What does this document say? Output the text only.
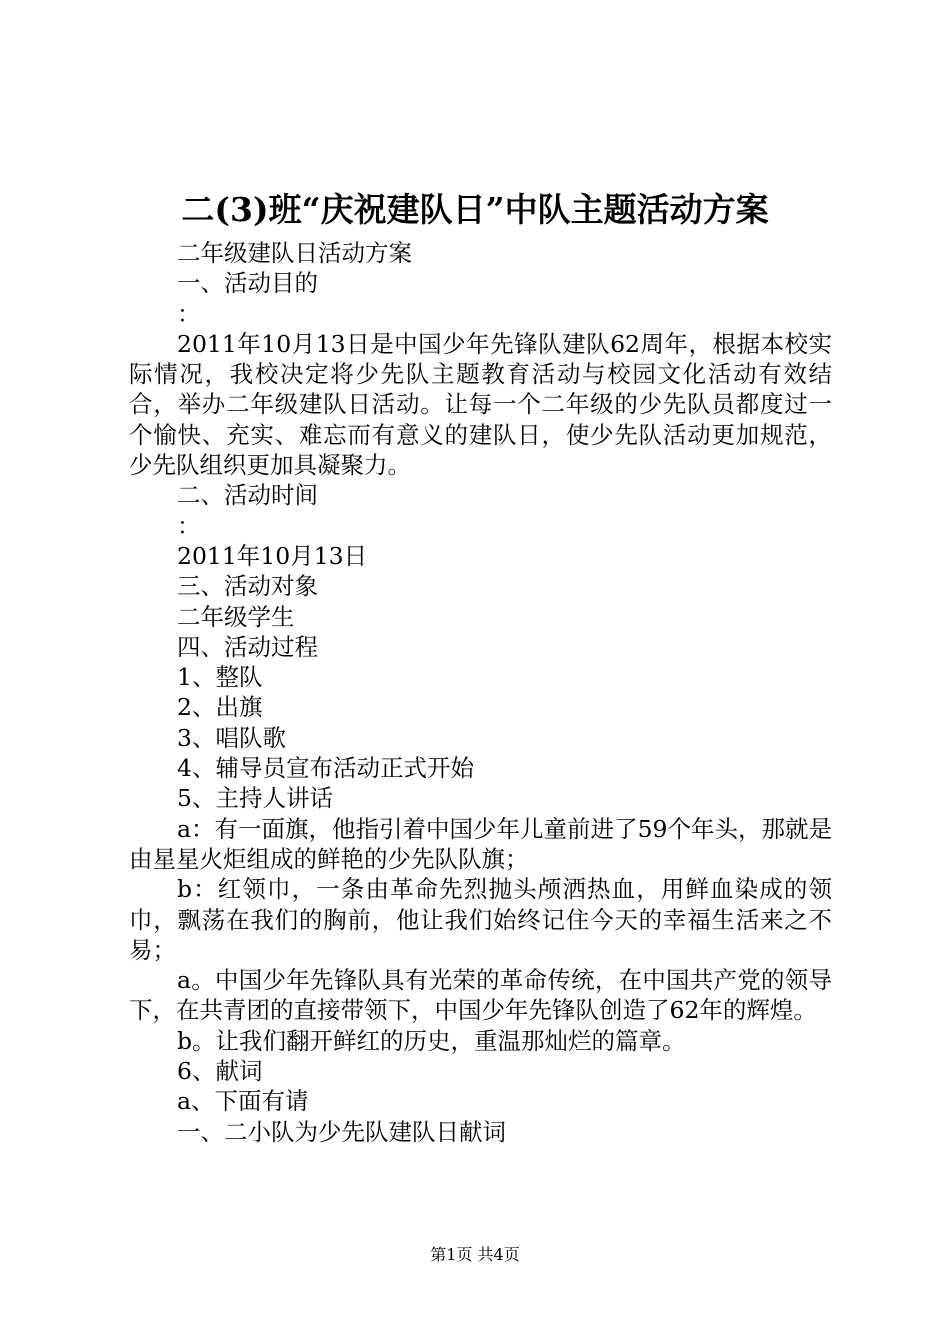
二(3)班“庆祝建队日”中队主题活动方案

二年级建队日活动方案

一、活动目的

：

2011年10月13日是中国少年先锋队建队62周年，根据本校实际情况，我校决定将少先队主题教育活动与校园文化活动有效结合，举办二年级建队日活动。让每一个二年级的少先队员都度过一个愉快、充实、难忘而有意义的建队日，使少先队活动更加规范，少先队组织更加具凝聚力。

二、活动时间

：

2011年10月13日

三、活动对象

二年级学生

四、活动过程

1、整队

2、出旗

3、唱队歌

4、辅导员宣布活动正式开始

5、主持人讲话

a：有一面旗，他指引着中国少年儿童前进了59个年头，那就是由星星火炬组成的鲜艳的少先队队旗；

b：红领巾，一条由革命先烈抛头颅洒热血，用鲜血染成的领巾，飘荡在我们的胸前，他让我们始终记住今天的幸福生活来之不易；

a。中国少年先锋队具有光荣的革命传统，在中国共产党的领导下，在共青团的直接带领下，中国少年先锋队创造了62年的辉煌。

b。让我们翻开鲜红的历史，重温那灿烂的篇章。

6、献词

a、下面有请

一、二小队为少先队建队日献词

第1页 共4页
